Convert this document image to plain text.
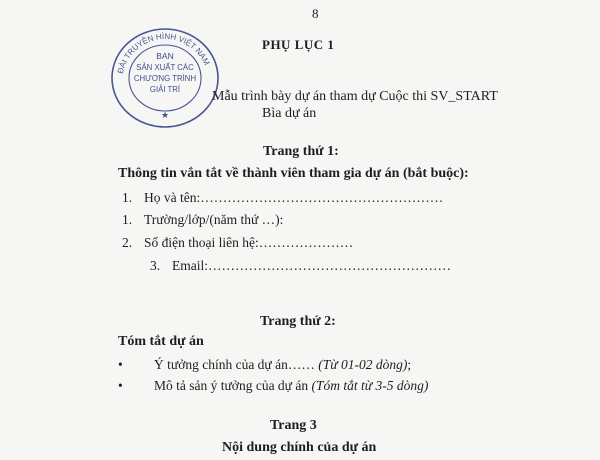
8
PHỤ LỤC 1
ĐÀI TRUYỀN HÌNH VIỆT NAM
BAN
SẢN XUẤT CÁC
CHƯƠNG TRÌNH
GIẢI TRÍ
★
Mẫu trình bày dự án tham dự Cuộc thi SV_START
Bìa dự án
Trang thứ 1:
Thông tin vắn tắt về thành viên tham gia dự án (bắt buộc):
1. Họ và tên:………………………………………………
1. Trường/lớp/(năm thứ …):
2. Số điện thoại liên hệ:…………………
3. Email:………………………………………………
Trang thứ 2:
Tóm tắt dự án
• Ý tưởng chính của dự án…… (Từ 01-02 dòng);
• Mô tả sản ý tưởng của dự án (Tóm tắt từ 3-5 dòng)
Trang 3
Nội dung chính của dự án
